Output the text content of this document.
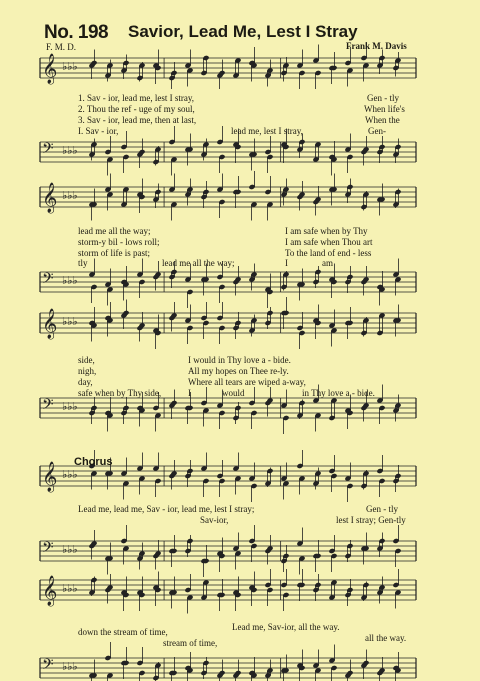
No. 198 Savior, Lead Me, Lest I Stray
F. M. D.	Frank M. Davis
𝄞 ♭♭♭
𝄢 ♭♭♭
𝄞 ♭♭♭
𝄢 ♭♭♭
𝄞 ♭♭♭
𝄢 ♭♭♭
𝄞 ♭♭♭
𝄢 ♭♭♭
𝄞 ♭♭♭
𝄢 ♭♭♭
1. Sav - ior, lead me, lest I stray,	Gen - tly
2. Thou the ref - uge of my soul,	When life's
3. Sav - ior, lead me, then at last,	When the
I. Sav - ior,	lead me, lest I stray,	Gen-
lead me all the way;	I am safe when by Thy
storm-y bil - lows roll;	I am safe when Thou art
storm of life is past;	To the land of end - less
tly	lead me all the way;	I	am
side,	I would in Thy love a - bide.
nigh,	All my hopes on Thee re-ly.
day,	Where all tears are wiped a-way,
safe when by Thy side,	I	would	in Thy love a - bide.
Chorus
Lead me, lead me, Sav - ior, lead me, lest I stray;	Gen - tly
Sav-ior,	lest I stray; Gen-tly
down the stream of time,	Lead me, Sav-ior, all the way.
stream of time,	all the way.
